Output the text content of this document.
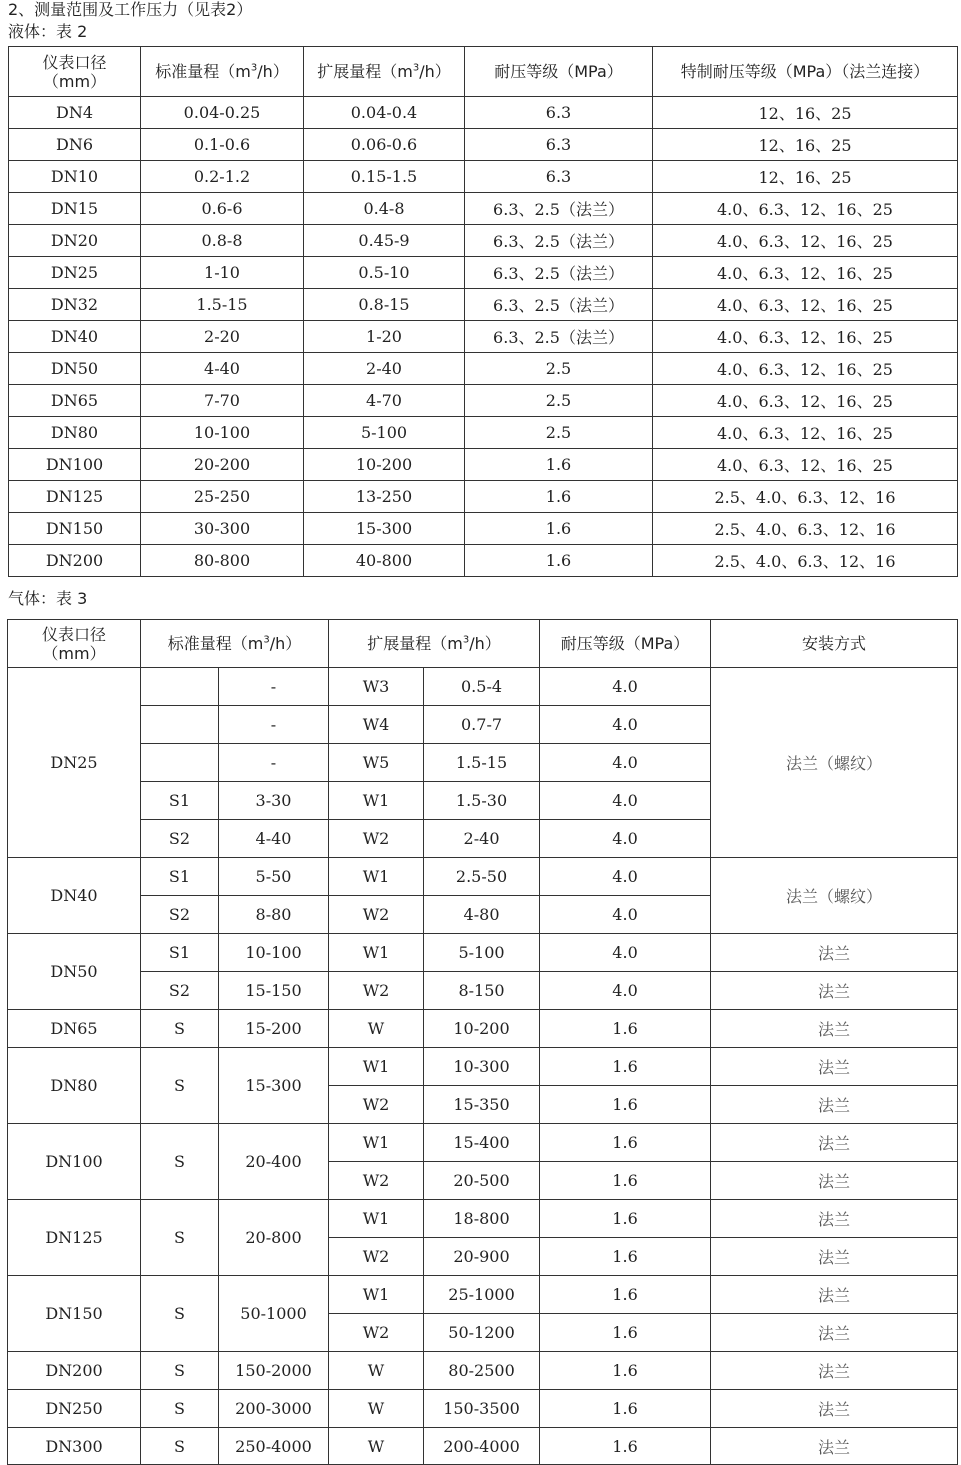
2、测量范围及工作压力（见表2）
液体：表 2
仪表口径
（mm）	标准量程$(m^3/h)$	扩展量程$(m^3/h)$	耐压等级（MPa）	特制耐压等级（MPa）（法兰连接）
DN4	0.04-0.25	0.04-0.4	6.3	12、16、25
DN6	0.1-0.6	0.06-0.6	6.3	12、16、25
DN10	0.2-1.2	0.15-1.5	6.3	12、16、25
DN15	0.6-6	0.4-8	6.3、2.5（法兰）	4.0、6.3、12、16、25
DN20	0.8-8	0.45-9	6.3、2.5（法兰）	4.0、6.3、12、16、25
DN25	1-10	0.5-10	6.3、2.5（法兰）	4.0、6.3、12、16、25
DN32	1.5-15	0.8-15	6.3、2.5（法兰）	4.0、6.3、12、16、25
DN40	2-20	1-20	6.3、2.5（法兰）	4.0、6.3、12、16、25
DN50	4-40	2-40	2.5	4.0、6.3、12、16、25
DN65	7-70	4-70	2.5	4.0、6.3、12、16、25
DN80	10-100	5-100	2.5	4.0、6.3、12、16、25
DN100	20-200	10-200	1.6	4.0、6.3、12、16、25
DN125	25-250	13-250	1.6	2.5、4.0、6.3、12、16
DN150	30-300	15-300	1.6	2.5、4.0、6.3、12、16
DN200	80-800	40-800	1.6	2.5、4.0、6.3、12、16
气体：表 3
仪表口径
（mm）	标准量程$(m^3/h)$		扩展量程$(m^3/h)$		耐压等级（MPa）	安装方式
DN25		-	W3	0.5-4	4.0	法兰（螺纹）
		-	W4	0.7-7	4.0	
		-	W5	1.5-15	4.0	
	S1	3-30	W1	1.5-30	4.0	
	S2	4-40	W2	2-40	4.0	
DN40	S1	5-50	W1	2.5-50	4.0	法兰（螺纹）
	S2	8-80	W2	4-80	4.0	
DN50	S1	10-100	W1	5-100	4.0	法兰
	S2	15-150	W2	8-150	4.0	法兰
DN65	S	15-200	W	10-200	1.6	法兰
DN80	S	15-300	W1	10-300	1.6	法兰
			W2	15-350	1.6	法兰
DN100	S	20-400	W1	15-400	1.6	法兰
			W2	20-500	1.6	法兰
DN125	S	20-800	W1	18-800	1.6	法兰
			W2	20-900	1.6	法兰
DN150	S	50-1000	W1	25-1000	1.6	法兰
			W2	50-1200	1.6	法兰
DN200	S	150-2000	W	80-2500	1.6	法兰
DN250	S	200-3000	W	150-3500	1.6	法兰
DN300	S	250-4000	W	200-4000	1.6	法兰
